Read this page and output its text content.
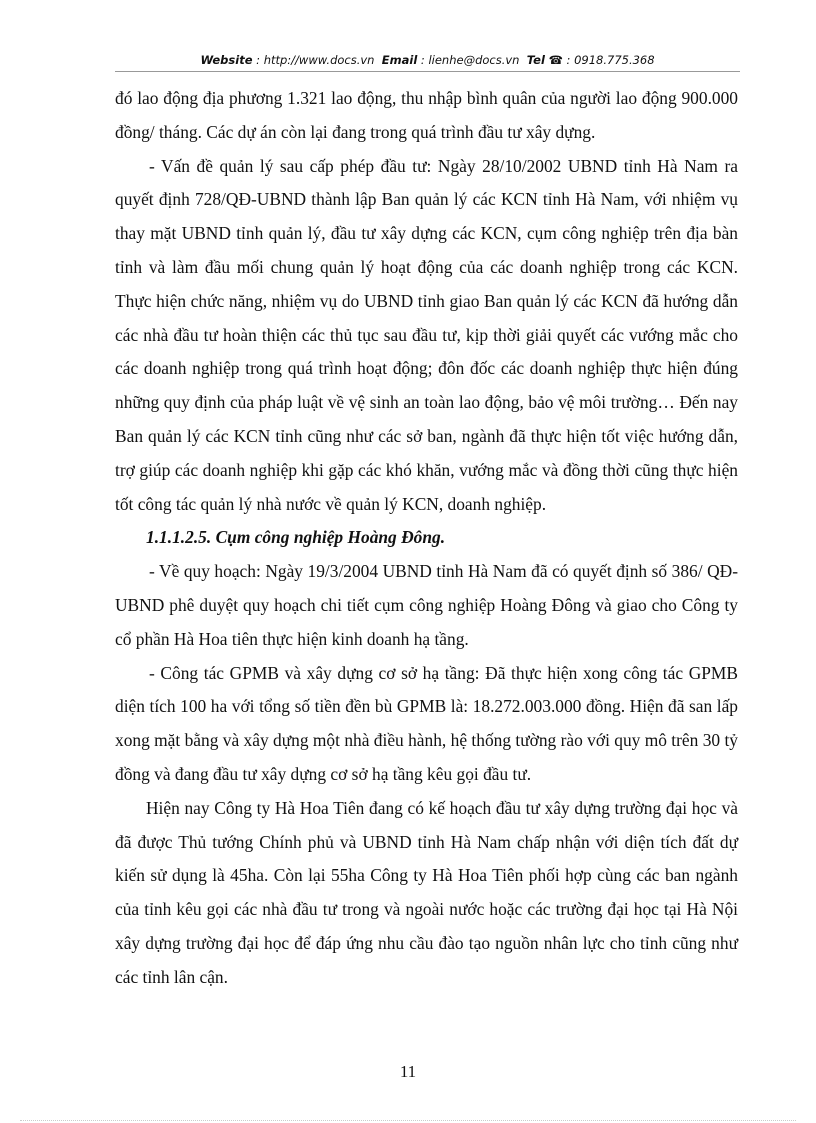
Website : http://www.docs.vn Email : lienhe@docs.vn Tel ☎ : 0918.775.368

đó lao động địa phương 1.321 lao động, thu nhập bình quân của người lao động 900.000 đồng/ tháng. Các dự án còn lại đang trong quá trình đầu tư xây dựng.

- Vấn đề quản lý sau cấp phép đầu tư: Ngày 28/10/2002 UBND tỉnh Hà Nam ra quyết định 728/QĐ-UBND thành lập Ban quản lý các KCN tỉnh Hà Nam, với nhiệm vụ thay mặt UBND tỉnh quản lý, đầu tư xây dựng các KCN, cụm công nghiệp trên địa bàn tỉnh và làm đầu mối chung quản lý hoạt động của các doanh nghiệp trong các KCN. Thực hiện chức năng, nhiệm vụ do UBND tỉnh giao Ban quản lý các KCN đã hướng dẫn các nhà đầu tư hoàn thiện các thủ tục sau đầu tư, kịp thời giải quyết các vướng mắc cho các doanh nghiệp trong quá trình hoạt động; đôn đốc các doanh nghiệp thực hiện đúng những quy định của pháp luật về vệ sinh an toàn lao động, bảo vệ môi trường… Đến nay Ban quản lý các KCN tỉnh cũng như các sở ban, ngành đã thực hiện tốt việc hướng dẫn, trợ giúp các doanh nghiệp khi gặp các khó khăn, vướng mắc và đồng thời cũng thực hiện tốt công tác quản lý nhà nước về quản lý KCN, doanh nghiệp.

1.1.1.2.5. Cụm công nghiệp Hoàng Đông.

- Về quy hoạch: Ngày 19/3/2004 UBND tỉnh Hà Nam đã có quyết định số 386/ QĐ- UBND phê duyệt quy hoạch chi tiết cụm công nghiệp Hoàng Đông và giao cho Công ty cổ phần Hà Hoa tiên thực hiện kinh doanh hạ tầng.

- Công tác GPMB và xây dựng cơ sở hạ tầng: Đã thực hiện xong công tác GPMB diện tích 100 ha với tổng số tiền đền bù GPMB là: 18.272.003.000 đồng. Hiện đã san lấp xong mặt bằng và xây dựng một nhà điều hành, hệ thống tường rào với quy mô trên 30 tỷ đồng và đang đầu tư xây dựng cơ sở hạ tầng kêu gọi đầu tư.

Hiện nay Công ty Hà Hoa Tiên đang có kế hoạch đầu tư xây dựng trường đại học và đã được Thủ tướng Chính phủ và UBND tỉnh Hà Nam chấp nhận với diện tích đất dự kiến sử dụng là 45ha. Còn lại 55ha Công ty Hà Hoa Tiên phối hợp cùng các ban ngành của tỉnh kêu gọi các nhà đầu tư trong và ngoài nước hoặc các trường đại học tại Hà Nội xây dựng trường đại học để đáp ứng nhu cầu đào tạo nguồn nhân lực cho tỉnh cũng như các tỉnh lân cận.

11
